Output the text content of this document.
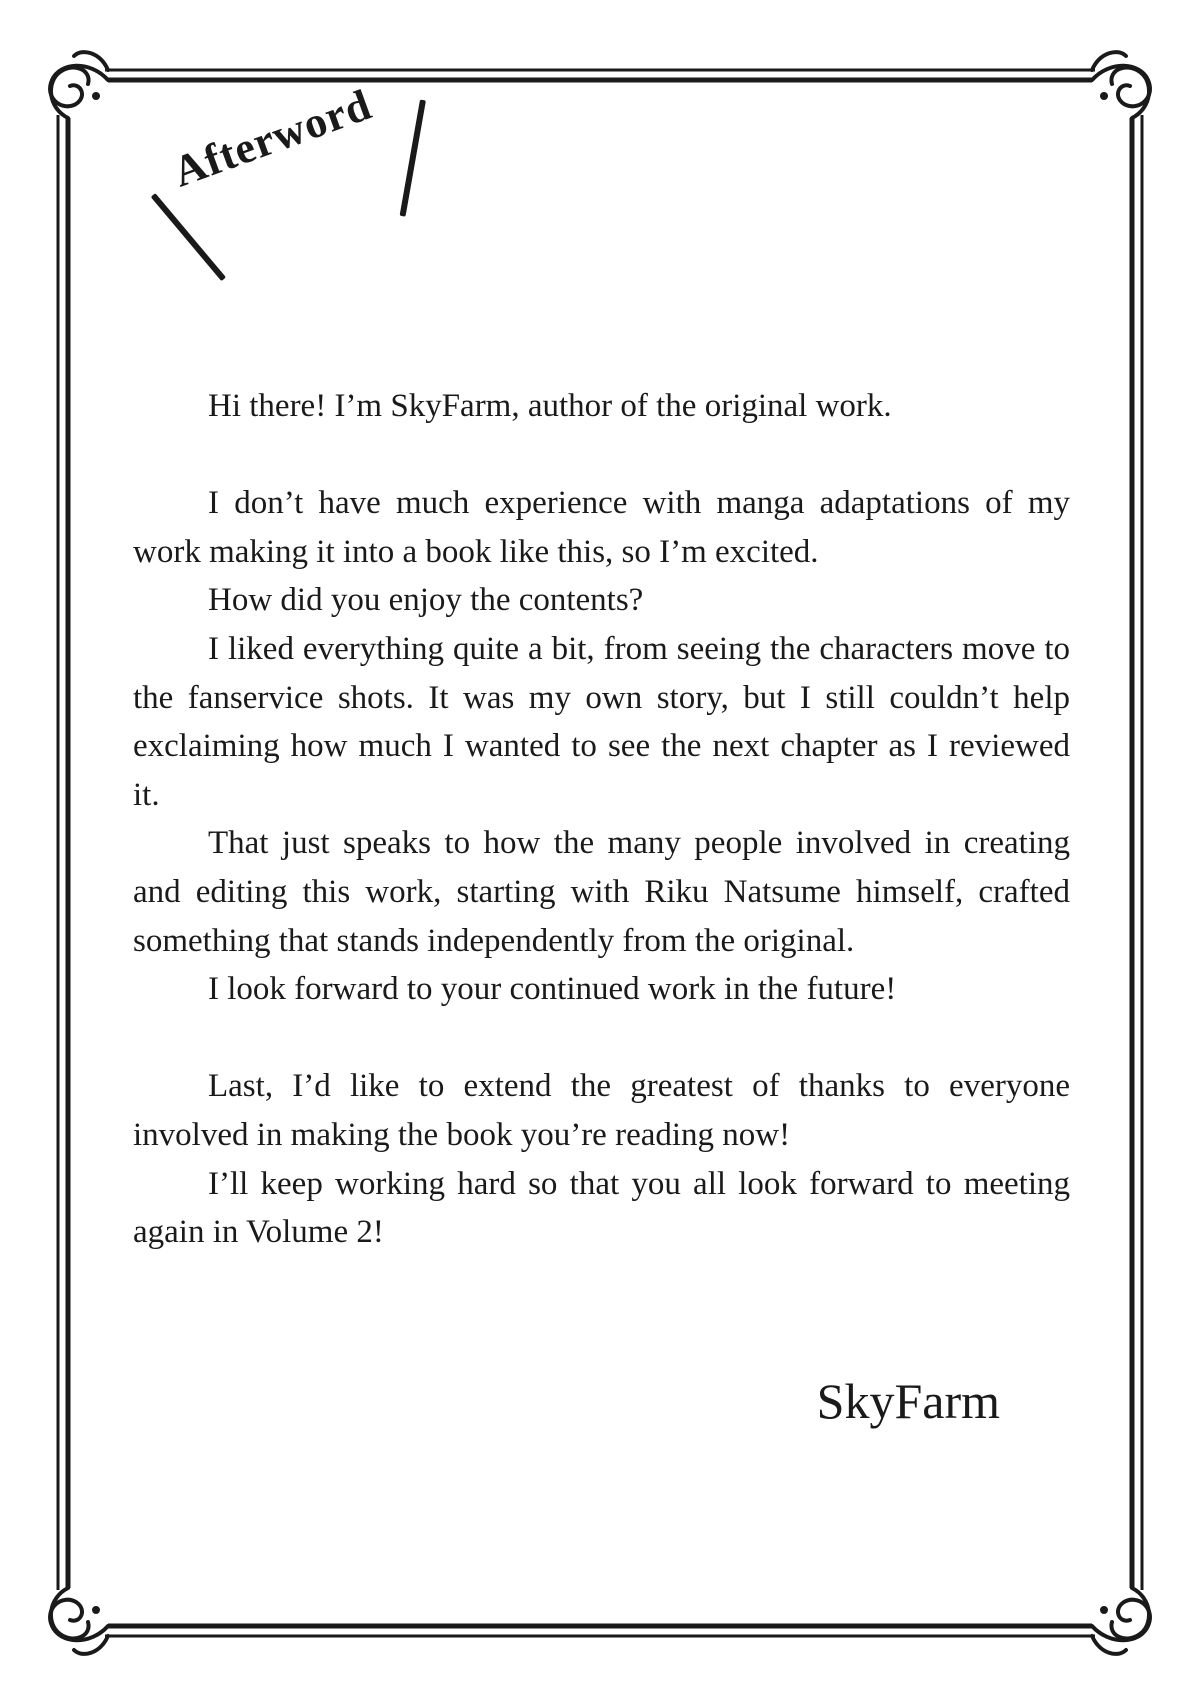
Afterword

Hi there! I’m SkyFarm, author of the original work.

I don’t have much experience with manga adaptations of my work making it into a book like this, so I’m excited.

How did you enjoy the contents?

I liked everything quite a bit, from seeing the characters move to the fanservice shots. It was my own story, but I still couldn’t help exclaiming how much I wanted to see the next chapter as I reviewed it.

That just speaks to how the many people involved in creating and editing this work, starting with Riku Natsume himself, crafted something that stands independently from the original.

I look forward to your continued work in the future!

Last, I’d like to extend the greatest of thanks to everyone involved in making the book you’re reading now!

I’ll keep working hard so that you all look forward to meeting again in Volume 2!

SkyFarm
